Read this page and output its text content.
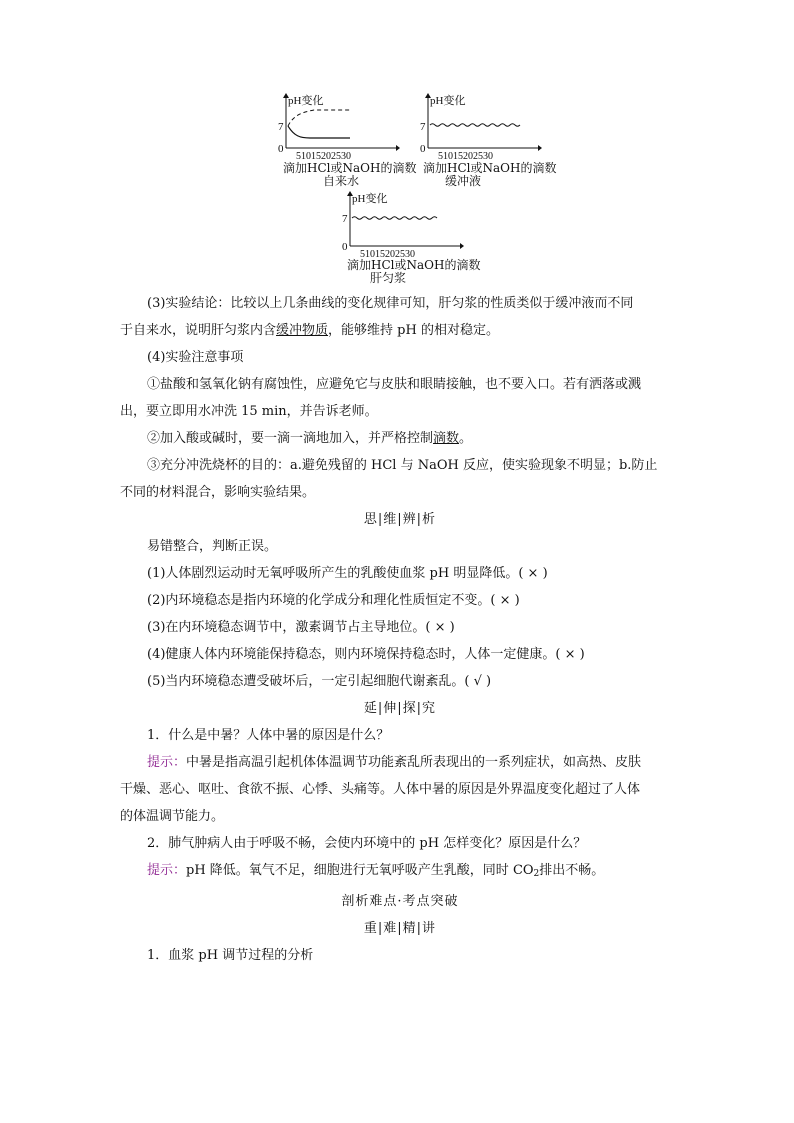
pH变化
7
0
51015202530
滴加HCl或NaOH的滴数
自来水
pH变化
7
0
51015202530
滴加HCl或NaOH的滴数
缓冲液
pH变化
7
0
51015202530
滴加HCl或NaOH的滴数
肝匀浆
(3)实验结论：比较以上几条曲线的变化规律可知，肝匀浆的性质类似于缓冲液而不同
于自来水，说明肝匀浆内含缓冲物质，能够维持 pH 的相对稳定。
(4)实验注意事项
①盐酸和氢氧化钠有腐蚀性，应避免它与皮肤和眼睛接触，也不要入口。若有洒落或溅
出，要立即用水冲洗 15 min，并告诉老师。
②加入酸或碱时，要一滴一滴地加入，并严格控制滴数。
③充分冲洗烧杯的目的：a.避免残留的 HCl 与 NaOH 反应，使实验现象不明显；b.防止
不同的材料混合，影响实验结果。
思|维|辨|析
易错整合，判断正误。
(1)人体剧烈运动时无氧呼吸所产生的乳酸使血浆 pH 明显降低。( × )
(2)内环境稳态是指内环境的化学成分和理化性质恒定不变。( × )
(3)在内环境稳态调节中，激素调节占主导地位。( × )
(4)健康人体内环境能保持稳态，则内环境保持稳态时，人体一定健康。( × )
(5)当内环境稳态遭受破坏后，一定引起细胞代谢紊乱。( √ )
延|伸|探|究
1．什么是中暑？人体中暑的原因是什么？
提示：中暑是指高温引起机体体温调节功能紊乱所表现出的一系列症状，如高热、皮肤
干燥、恶心、呕吐、食欲不振、心悸、头痛等。人体中暑的原因是外界温度变化超过了人体
的体温调节能力。
2．肺气肿病人由于呼吸不畅，会使内环境中的 pH 怎样变化？原因是什么？
提示：pH 降低。氧气不足，细胞进行无氧呼吸产生乳酸，同时 $CO_2$排出不畅。
剖析难点·考点突破
重|难|精|讲
1．血浆 pH 调节过程的分析
